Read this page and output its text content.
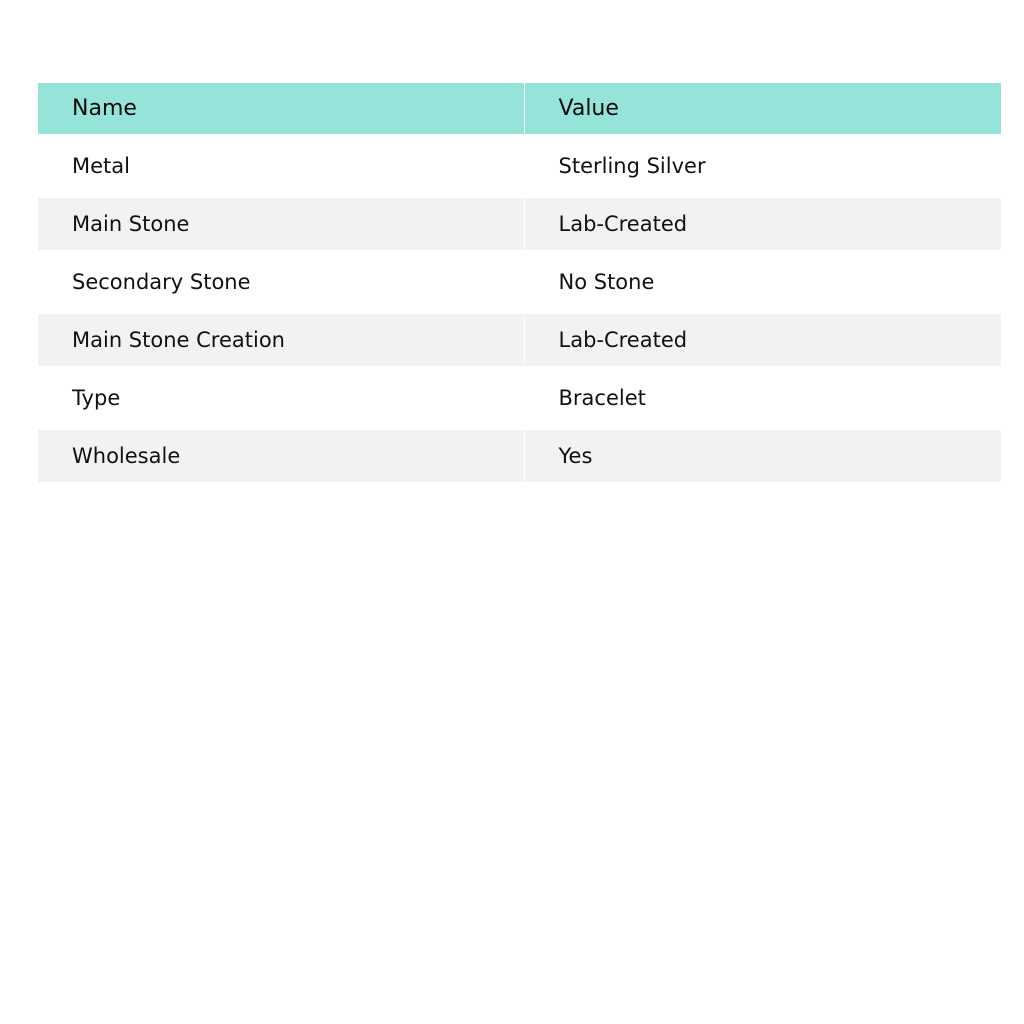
Name	Value
Metal	Sterling Silver
Main Stone	Lab-Created
Secondary Stone	No Stone
Main Stone Creation	Lab-Created
Type	Bracelet
Wholesale	Yes
